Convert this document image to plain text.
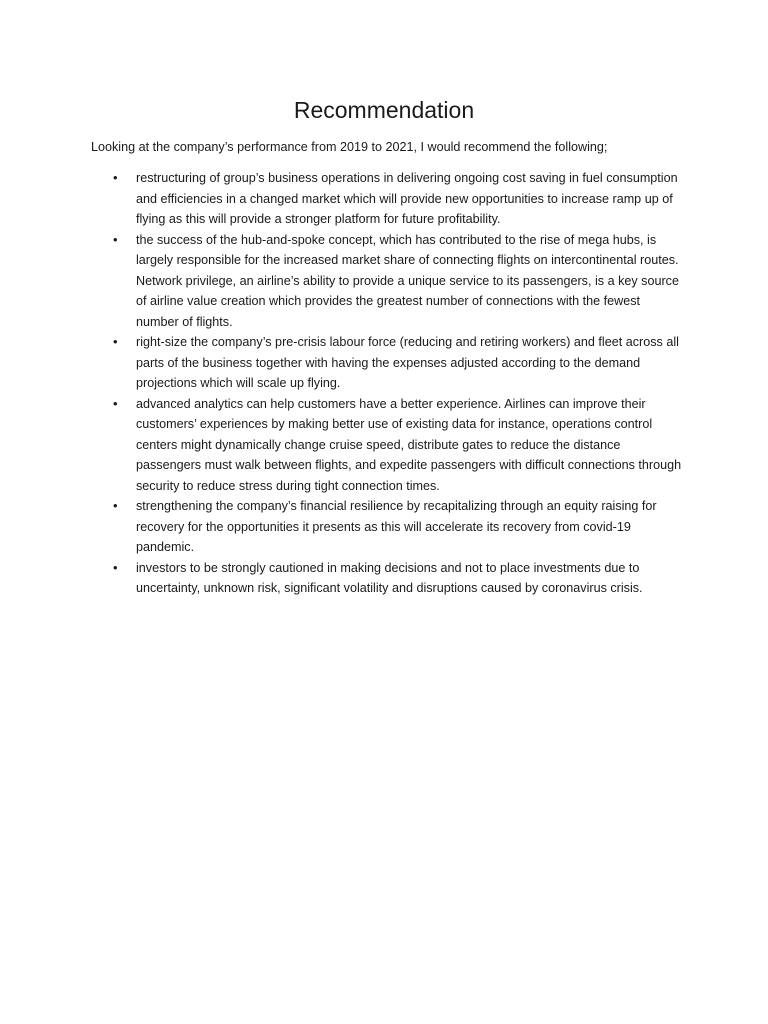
Recommendation

Looking at the company’s performance from 2019 to 2021, I would recommend the following;

•	restructuring of group’s business operations in delivering ongoing cost saving in fuel consumption and efficiencies in a changed market which will provide new opportunities to increase ramp up of flying as this will provide a stronger platform for future profitability.
•	the success of the hub-and-spoke concept, which has contributed to the rise of mega hubs, is largely responsible for the increased market share of connecting flights on intercontinental routes. Network privilege, an airline’s ability to provide a unique service to its passengers, is a key source of airline value creation which provides the greatest number of connections with the fewest number of flights.
•	right-size the company’s pre-crisis labour force (reducing and retiring workers) and fleet across all parts of the business together with having the expenses adjusted according to the demand projections which will scale up flying.
•	advanced analytics can help customers have a better experience. Airlines can improve their customers’ experiences by making better use of existing data for instance, operations control centers might dynamically change cruise speed, distribute gates to reduce the distance passengers must walk between flights, and expedite passengers with difficult connections through security to reduce stress during tight connection times.
•	strengthening the company’s financial resilience by recapitalizing through an equity raising for recovery for the opportunities it presents as this will accelerate its recovery from covid-19 pandemic.
•	investors to be strongly cautioned in making decisions and not to place investments due to uncertainty, unknown risk, significant volatility and disruptions caused by coronavirus crisis.
